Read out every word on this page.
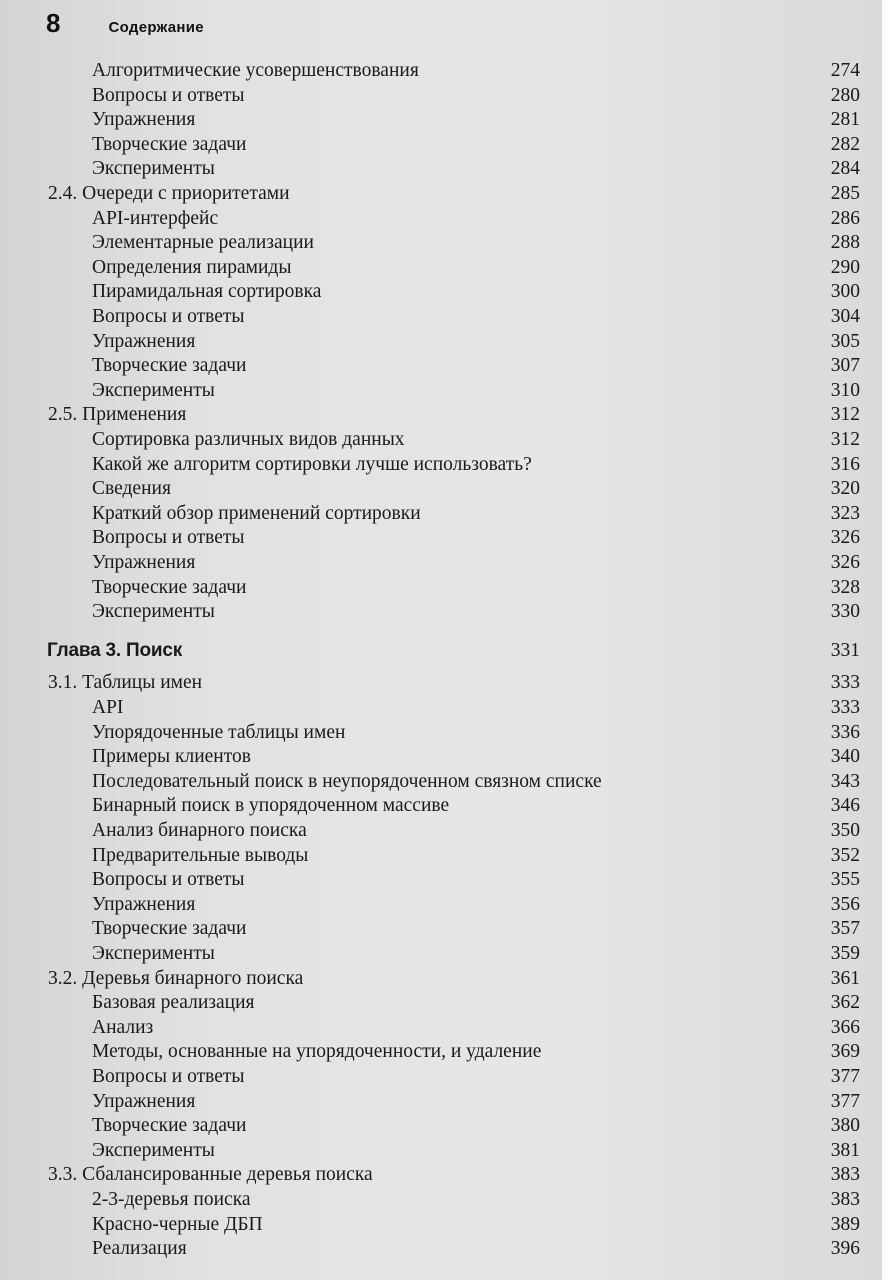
8	Содержание
Алгоритмические усовершенствования	274
Вопросы и ответы	280
Упражнения	281
Творческие задачи	282
Эксперименты	284
2.4. Очереди с приоритетами	285
API-интерфейс	286
Элементарные реализации	288
Определения пирамиды	290
Пирамидальная сортировка	300
Вопросы и ответы	304
Упражнения	305
Творческие задачи	307
Эксперименты	310
2.5. Применения	312
Сортировка различных видов данных	312
Какой же алгоритм сортировки лучше использовать?	316
Сведения	320
Краткий обзор применений сортировки	323
Вопросы и ответы	326
Упражнения	326
Творческие задачи	328
Эксперименты	330
Глава 3. Поиск	331
3.1. Таблицы имен	333
API	333
Упорядоченные таблицы имен	336
Примеры клиентов	340
Последовательный поиск в неупорядоченном связном списке	343
Бинарный поиск в упорядоченном массиве	346
Анализ бинарного поиска	350
Предварительные выводы	352
Вопросы и ответы	355
Упражнения	356
Творческие задачи	357
Эксперименты	359
3.2. Деревья бинарного поиска	361
Базовая реализация	362
Анализ	366
Методы, основанные на упорядоченности, и удаление	369
Вопросы и ответы	377
Упражнения	377
Творческие задачи	380
Эксперименты	381
3.3. Сбалансированные деревья поиска	383
2-3-деревья поиска	383
Красно-черные ДБП	389
Реализация	396
